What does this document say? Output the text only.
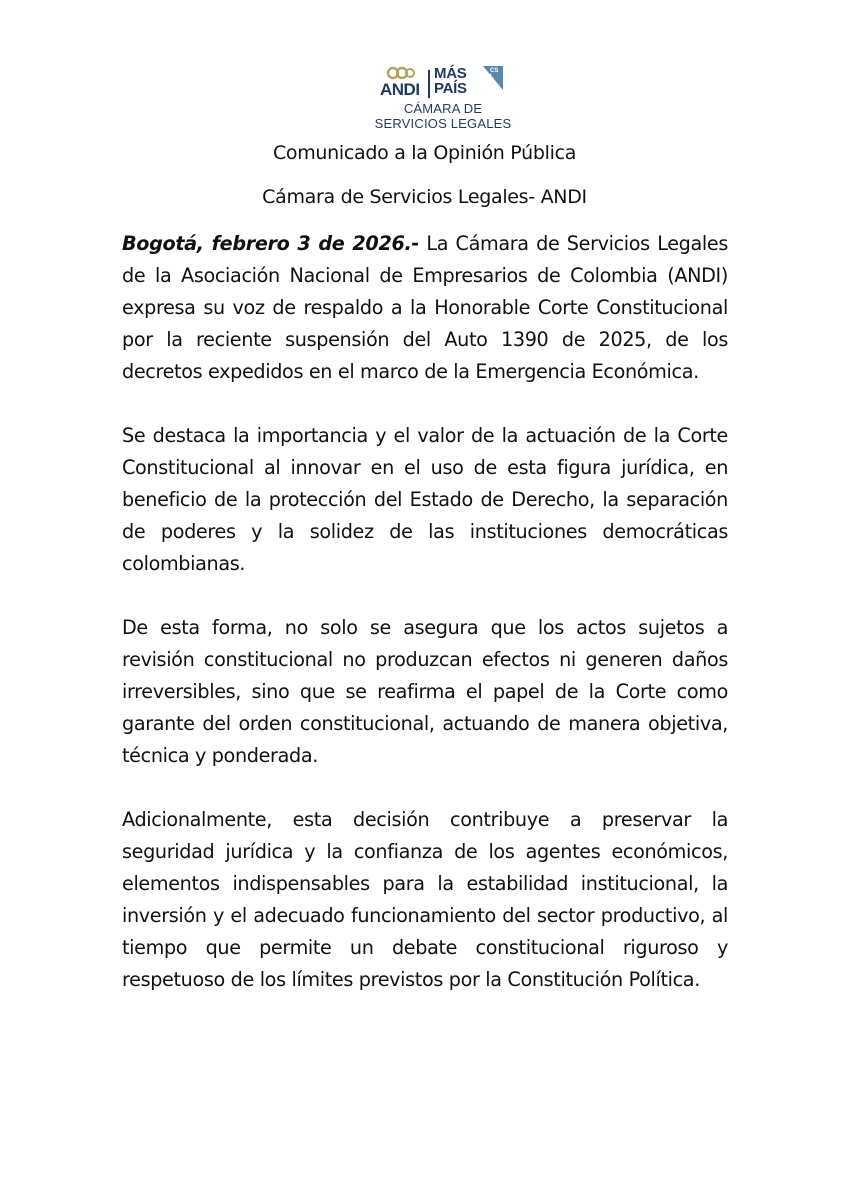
ANDI
MÁS
PAÍS
CSL
CÁMARA DE
SERVICIOS LEGALES
Comunicado a la Opinión Pública
Cámara de Servicios Legales- ANDI

Bogotá, febrero 3 de 2026.- La Cámara de Servicios Legales de la Asociación Nacional de Empresarios de Colombia (ANDI) expresa su voz de respaldo a la Honorable Corte Constitucional por la reciente suspensión del Auto 1390 de 2025, de los decretos expedidos en el marco de la Emergencia Económica.

Se destaca la importancia y el valor de la actuación de la Corte Constitucional al innovar en el uso de esta figura jurídica, en beneficio de la protección del Estado de Derecho, la separación de poderes y la solidez de las instituciones democráticas colombianas.

De esta forma, no solo se asegura que los actos sujetos a revisión constitucional no produzcan efectos ni generen daños irreversibles, sino que se reafirma el papel de la Corte como garante del orden constitucional, actuando de manera objetiva, técnica y ponderada.

Adicionalmente, esta decisión contribuye a preservar la seguridad jurídica y la confianza de los agentes económicos, elementos indispensables para la estabilidad institucional, la inversión y el adecuado funcionamiento del sector productivo, al tiempo que permite un debate constitucional riguroso y respetuoso de los límites previstos por la Constitución Política.
